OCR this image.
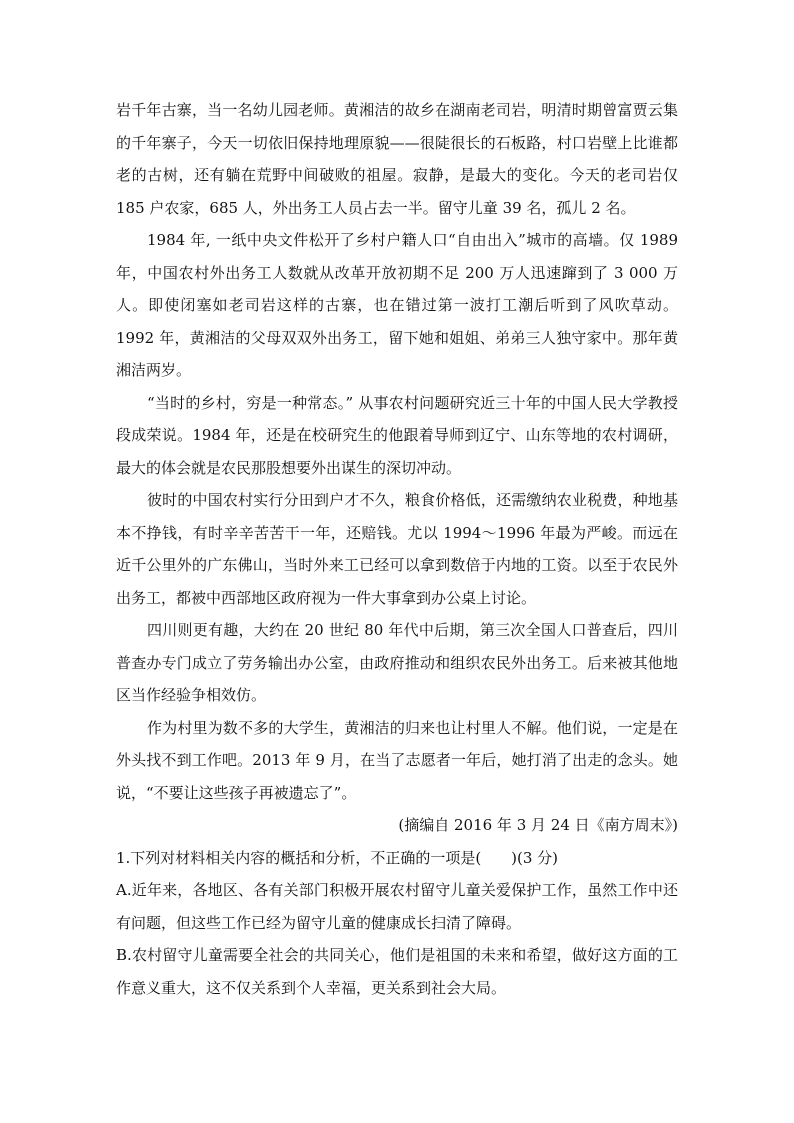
岩千年古寨，当一名幼儿园老师。黄湘洁的故乡在湖南老司岩，明清时期曾富贾云集的千年寨子，今天一切依旧保持地理原貌——很陡很长的石板路，村口岩壁上比谁都老的古树，还有躺在荒野中间破败的祖屋。寂静，是最大的变化。今天的老司岩仅 185 户农家，685 人，外出务工人员占去一半。留守儿童 39 名，孤儿 2 名。

1984 年, 一纸中央文件松开了乡村户籍人口“自由出入”城市的高墙。仅 1989 年，中国农村外出务工人数就从改革开放初期不足 200 万人迅速蹿到了 3 000 万人。即使闭塞如老司岩这样的古寨，也在错过第一波打工潮后听到了风吹草动。1992 年，黄湘洁的父母双双外出务工，留下她和姐姐、弟弟三人独守家中。那年黄湘洁两岁。

“当时的乡村，穷是一种常态。” 从事农村问题研究近三十年的中国人民大学教授段成荣说。1984 年，还是在校研究生的他跟着导师到辽宁、山东等地的农村调研，最大的体会就是农民那股想要外出谋生的深切冲动。

彼时的中国农村实行分田到户才不久，粮食价格低，还需缴纳农业税费，种地基本不挣钱，有时辛辛苦苦干一年，还赔钱。尤以 1994～1996 年最为严峻。而远在近千公里外的广东佛山，当时外来工已经可以拿到数倍于内地的工资。以至于农民外出务工，都被中西部地区政府视为一件大事拿到办公桌上讨论。

四川则更有趣，大约在 20 世纪 80 年代中后期，第三次全国人口普查后，四川普查办专门成立了劳务输出办公室，由政府推动和组织农民外出务工。后来被其他地区当作经验争相效仿。

作为村里为数不多的大学生，黄湘洁的归来也让村里人不解。他们说，一定是在外头找不到工作吧。2013 年 9 月，在当了志愿者一年后，她打消了出走的念头。她说，“不要让这些孩子再被遗忘了”。

(摘编自 2016 年 3 月 24 日《南方周末》)

1.下列对材料相关内容的概括和分析，不正确的一项是(　　)(3 分)

A.近年来，各地区、各有关部门积极开展农村留守儿童关爱保护工作，虽然工作中还有问题，但这些工作已经为留守儿童的健康成长扫清了障碍。

B.农村留守儿童需要全社会的共同关心，他们是祖国的未来和希望，做好这方面的工作意义重大，这不仅关系到个人幸福，更关系到社会大局。
